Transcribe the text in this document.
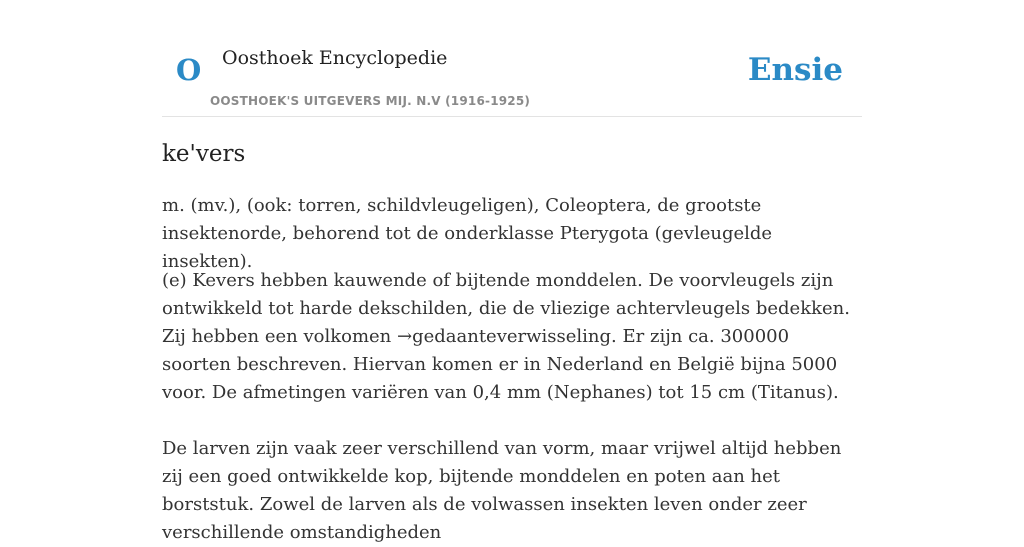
O Oosthoek Encyclopedie
OOSTHOEK'S UITGEVERS MIJ. N.V (1916-1925)
Ensie
ke'vers

m. (mv.), (ook: torren, schildvleugeligen), Coleoptera, de grootste insektenorde, behorend tot de onderklasse Pterygota (gevleugelde insekten).

(e) Kevers hebben kauwende of bijtende monddelen. De voorvleugels zijn ontwikkeld tot harde dekschilden, die de vliezige achtervleugels bedekken. Zij hebben een volkomen →gedaanteverwisseling. Er zijn ca. 300000 soorten beschreven. Hiervan komen er in Nederland en België bijna 5000 voor. De afmetingen variëren van 0,4 mm (Nephanes) tot 15 cm (Titanus).

De larven zijn vaak zeer verschillend van vorm, maar vrijwel altijd hebben zij een goed ontwikkelde kop, bijtende monddelen en poten aan het borststuk. Zowel de larven als de volwassen insekten leven onder zeer verschillende omstandigheden
